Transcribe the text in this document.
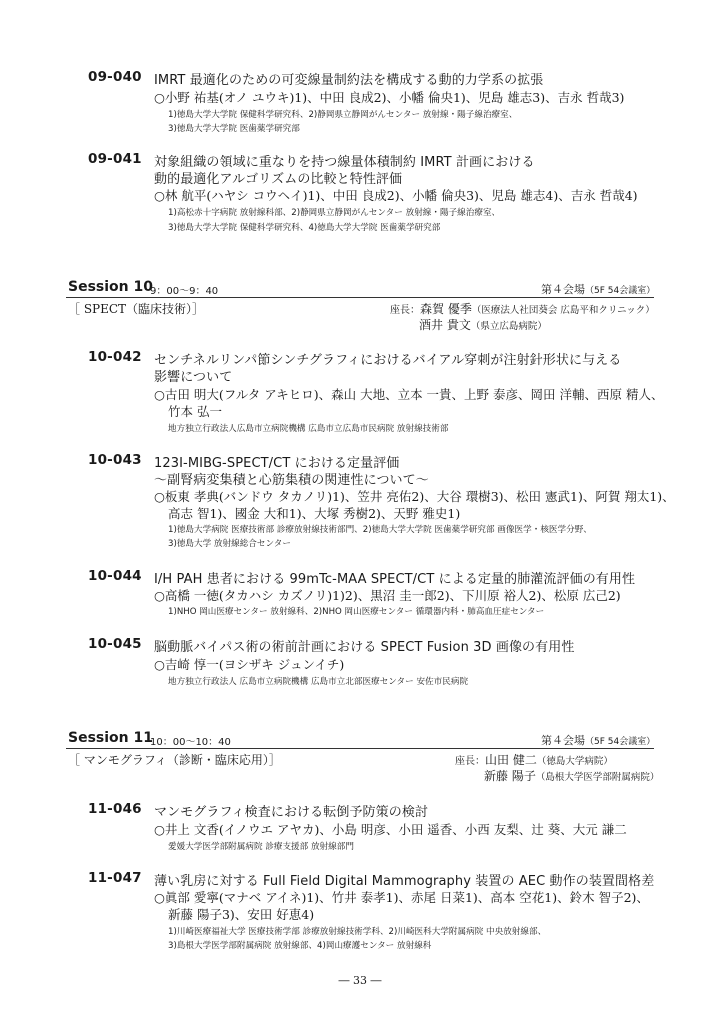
09-040 IMRT 最適化のための可変線量制約法を構成する動的力学系の拡張
○小野 祐基(オノ ユウキ)1)、中田 良成2)、小幡 倫央1)、児島 雄志3)、吉永 哲哉3)
1)徳島大学大学院 保健科学研究科、2)静岡県立静岡がんセンター 放射線・陽子線治療室、
3)徳島大学大学院 医歯薬学研究部
09-041 対象組織の領域に重なりを持つ線量体積制約 IMRT 計画における
動的最適化アルゴリズムの比較と特性評価
○林 航平(ハヤシ コウヘイ)1)、中田 良成2)、小幡 倫央3)、児島 雄志4)、吉永 哲哉4)
1)高松赤十字病院 放射線科部、2)静岡県立静岡がんセンター 放射線・陽子線治療室、
3)徳島大学大学院 保健科学研究科、4)徳島大学大学院 医歯薬学研究部
Session 10
9：00～9：40	第４会場（5F 54会議室）
［ SPECT（臨床技術）］	座長：森賀 優季（医療法人社団葵会 広島平和クリニック）
酒井 貴文（県立広島病院）
10-042 センチネルリンパ節シンチグラフィにおけるバイアル穿刺が注射針形状に与える
影響について
○古田 明大(フルタ アキヒロ)、森山 大地、立本 一貴、上野 泰彦、岡田 洋輔、西原 精人、
竹本 弘一
地方独立行政法人広島市立病院機構 広島市立広島市民病院 放射線技術部
10-043 123I-MIBG-SPECT/CT における定量評価
～副腎病変集積と心筋集積の関連性について～
○板東 孝典(バンドウ タカノリ)1)、笠井 亮佑2)、大谷 環樹3)、松田 憲武1)、阿賀 翔太1)、
高志 智1)、國金 大和1)、大塚 秀樹2)、天野 雅史1)
1)徳島大学病院 医療技術部 診療放射線技術部門、2)徳島大学大学院 医歯薬学研究部 画像医学・核医学分野、
3)徳島大学 放射線総合センター
10-044 I/H PAH 患者における 99mTc-MAA SPECT/CT による定量的肺灌流評価の有用性
○高橋 一徳(タカハシ カズノリ)1)2)、黒沼 圭一郎2)、下川原 裕人2)、松原 広己2)
1)NHO 岡山医療センター 放射線科、2)NHO 岡山医療センター 循環器内科・肺高血圧症センター
10-045 脳動脈バイパス術の術前計画における SPECT Fusion 3D 画像の有用性
○吉崎 惇一(ヨシザキ ジュンイチ)
地方独立行政法人 広島市立病院機構 広島市立北部医療センター 安佐市民病院
Session 11
10：00～10：40	第４会場（5F 54会議室）
［ マンモグラフィ（診断・臨床応用）］	座長：山田 健二（徳島大学病院）
新藤 陽子（島根大学医学部附属病院）
11-046 マンモグラフィ検査における転倒予防策の検討
○井上 文香(イノウエ アヤカ)、小島 明彦、小田 遥香、小西 友梨、辻 葵、大元 謙二
愛媛大学医学部附属病院 診療支援部 放射線部門
11-047 薄い乳房に対する Full Field Digital Mammography 装置の AEC 動作の装置間格差
○眞部 愛寧(マナベ アイネ)1)、竹井 泰孝1)、赤尾 日菜1)、高本 空花1)、鈴木 智子2)、
新藤 陽子3)、安田 好恵4)
1)川崎医療福祉大学 医療技術学部 診療放射線技術学科、2)川崎医科大学附属病院 中央放射線部、
3)島根大学医学部附属病院 放射線部、4)岡山療護センター 放射線科
― 33 ―
